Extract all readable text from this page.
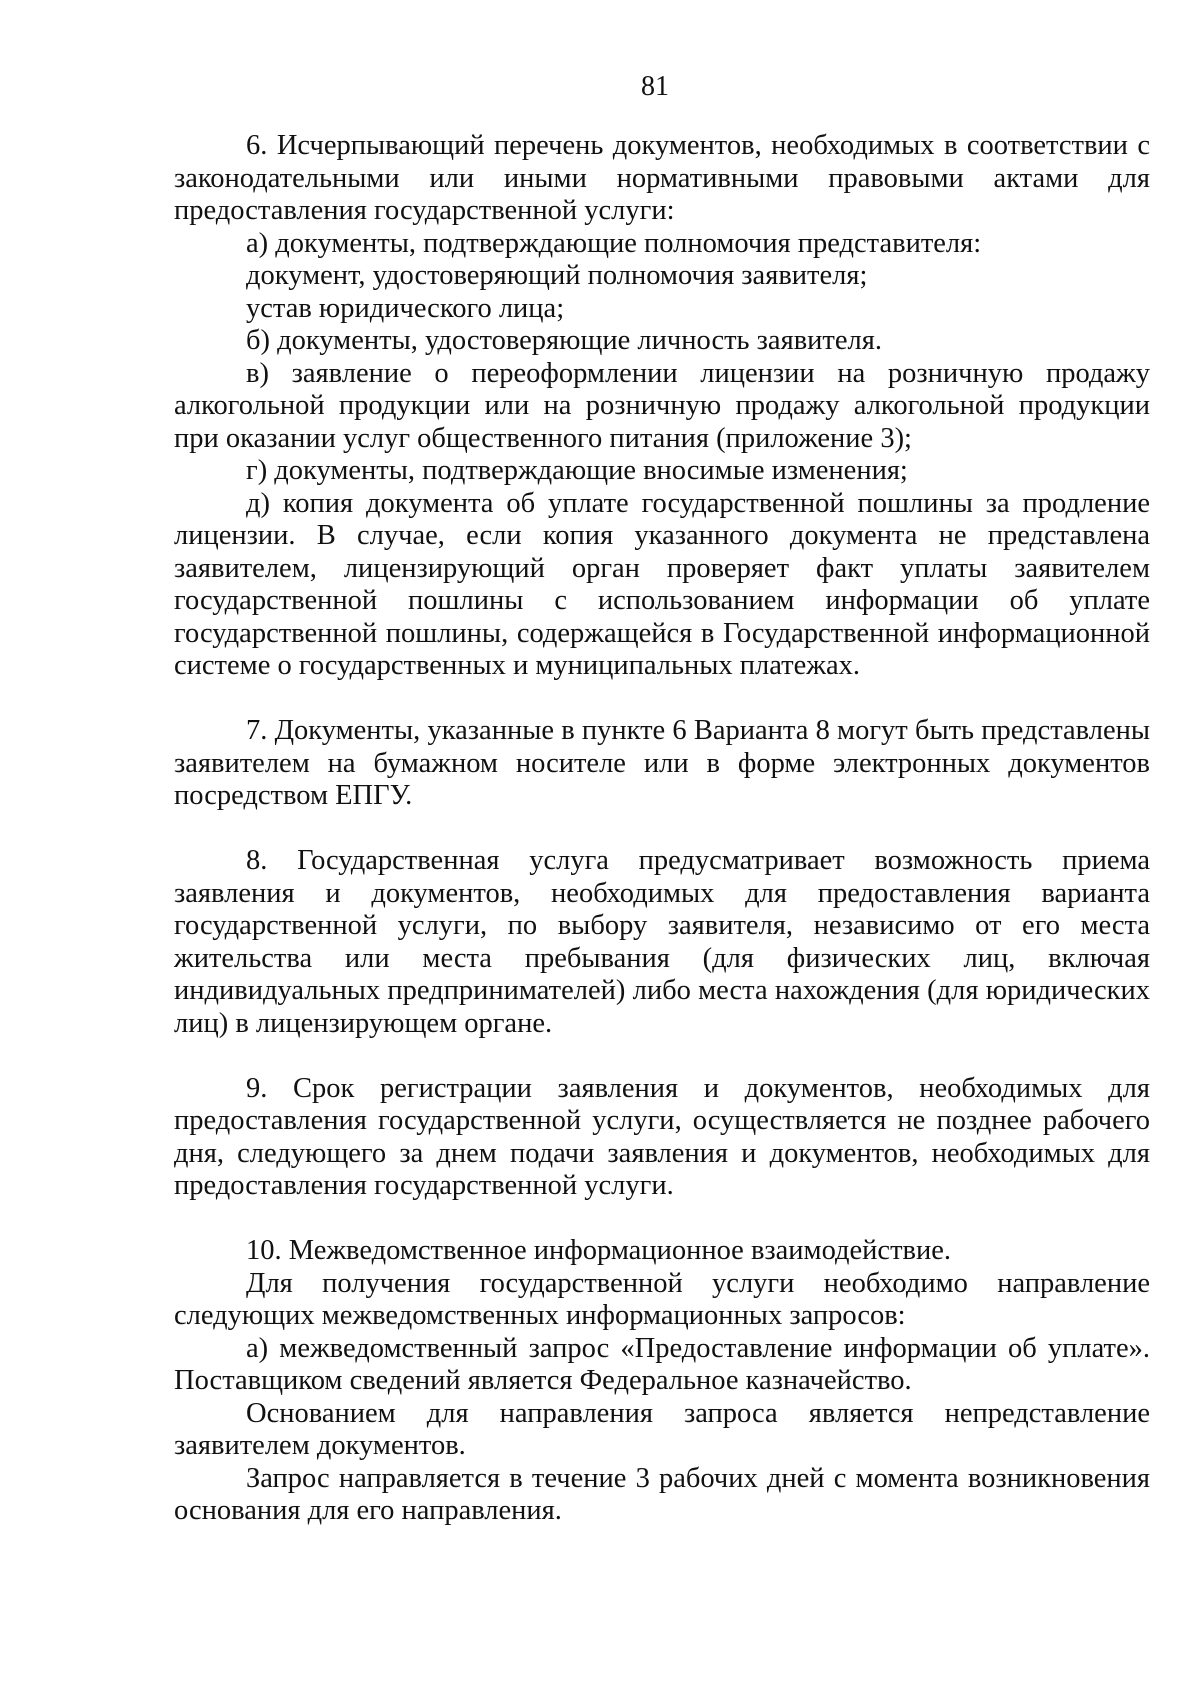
81

6. Исчерпывающий перечень документов, необходимых в соответствии с законодательными или иными нормативными правовыми актами для предоставления государственной услуги:

а) документы, подтверждающие полномочия представителя:

документ, удостоверяющий полномочия заявителя;

устав юридического лица;

б) документы, удостоверяющие личность заявителя.

в) заявление о переоформлении лицензии на розничную продажу алкогольной продукции или на розничную продажу алкогольной продукции при оказании услуг общественного питания (приложение 3);

г) документы, подтверждающие вносимые изменения;

д) копия документа об уплате государственной пошлины за продление лицензии. В случае, если копия указанного документа не представлена заявителем, лицензирующий орган проверяет факт уплаты заявителем государственной пошлины с использованием информации об уплате государственной пошлины, содержащейся в Государственной информационной системе о государственных и муниципальных платежах.

7. Документы, указанные в пункте 6 Варианта 8 могут быть представлены заявителем на бумажном носителе или в форме электронных документов посредством ЕПГУ.

8. Государственная услуга предусматривает возможность приема заявления и документов, необходимых для предоставления варианта государственной услуги, по выбору заявителя, независимо от его места жительства или места пребывания (для физических лиц, включая индивидуальных предпринимателей) либо места нахождения (для юридических лиц) в лицензирующем органе.

9. Срок регистрации заявления и документов, необходимых для предоставления государственной услуги, осуществляется не позднее рабочего дня, следующего за днем подачи заявления и документов, необходимых для предоставления государственной услуги.

10. Межведомственное информационное взаимодействие.

Для получения государственной услуги необходимо направление следующих межведомственных информационных запросов:

а) межведомственный запрос «Предоставление информации об уплате». Поставщиком сведений является Федеральное казначейство.

Основанием для направления запроса является непредставление заявителем документов.

Запрос направляется в течение 3 рабочих дней с момента возникновения основания для его направления.
